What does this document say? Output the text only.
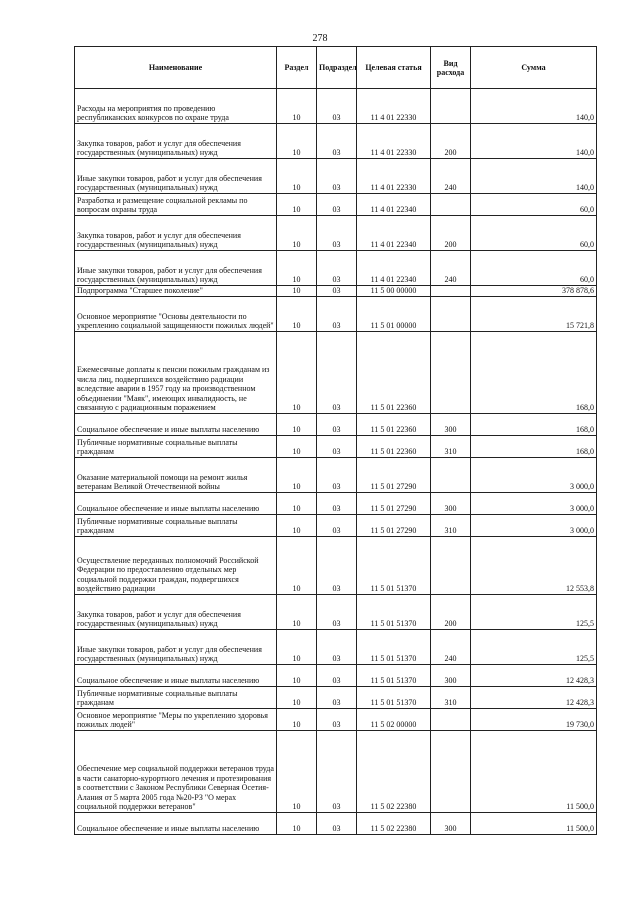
278
Наименование	Раздел	Подраздел	Целевая статья	Вид расхода	Сумма
Расходы на мероприятия по проведению республиканских конкурсов по охране труда	10	03	11 4 01 22330		140,0
Закупка товаров, работ и услуг для обеспечения государственных (муниципальных) нужд	10	03	11 4 01 22330	200	140,0
Иные закупки товаров, работ и услуг для обеспечения государственных (муниципальных) нужд	10	03	11 4 01 22330	240	140,0
Разработка и размещение социальной рекламы по вопросам охраны труда	10	03	11 4 01 22340		60,0
Закупка товаров, работ и услуг для обеспечения государственных (муниципальных) нужд	10	03	11 4 01 22340	200	60,0
Иные закупки товаров, работ и услуг для обеспечения государственных (муниципальных) нужд	10	03	11 4 01 22340	240	60,0
Подпрограмма "Старшее поколение"	10	03	11 5 00 00000		378 878,6
Основное мероприятие "Основы деятельности по укреплению социальной защищенности пожилых людей"	10	03	11 5 01 00000		15 721,8
Ежемесячные доплаты к пенсии пожилым гражданам из числа лиц, подвергшихся воздействию радиации вследствие аварии в 1957 году на производственном объединении "Маяк", имеющих инвалидность, не связанную с радиационным поражением	10	03	11 5 01 22360		168,0
Социальное обеспечение и иные выплаты населению	10	03	11 5 01 22360	300	168,0
Публичные нормативные социальные выплаты гражданам	10	03	11 5 01 22360	310	168,0
Оказание материальной помощи на ремонт жилья ветеранам Великой Отечественной войны	10	03	11 5 01 27290		3 000,0
Социальное обеспечение и иные выплаты населению	10	03	11 5 01 27290	300	3 000,0
Публичные нормативные социальные выплаты гражданам	10	03	11 5 01 27290	310	3 000,0
Осуществление переданных полномочий Российской Федерации по предоставлению отдельных мер социальной поддержки граждан, подвергшихся воздействию радиации	10	03	11 5 01 51370		12 553,8
Закупка товаров, работ и услуг для обеспечения государственных (муниципальных) нужд	10	03	11 5 01 51370	200	125,5
Иные закупки товаров, работ и услуг для обеспечения государственных (муниципальных) нужд	10	03	11 5 01 51370	240	125,5
Социальное обеспечение и иные выплаты населению	10	03	11 5 01 51370	300	12 428,3
Публичные нормативные социальные выплаты гражданам	10	03	11 5 01 51370	310	12 428,3
Основное мероприятие "Меры по укреплению здоровья пожилых людей"	10	03	11 5 02 00000		19 730,0
Обеспечение мер социальной поддержки ветеранов труда в части санаторно-курортного лечения и протезирования в соответствии с Законом Республики Северная Осетия-Алания от 5 марта 2005 года №20-РЗ "О мерах социальной поддержки ветеранов"	10	03	11 5 02 22380		11 500,0
Социальное обеспечение и иные выплаты населению	10	03	11 5 02 22380	300	11 500,0
